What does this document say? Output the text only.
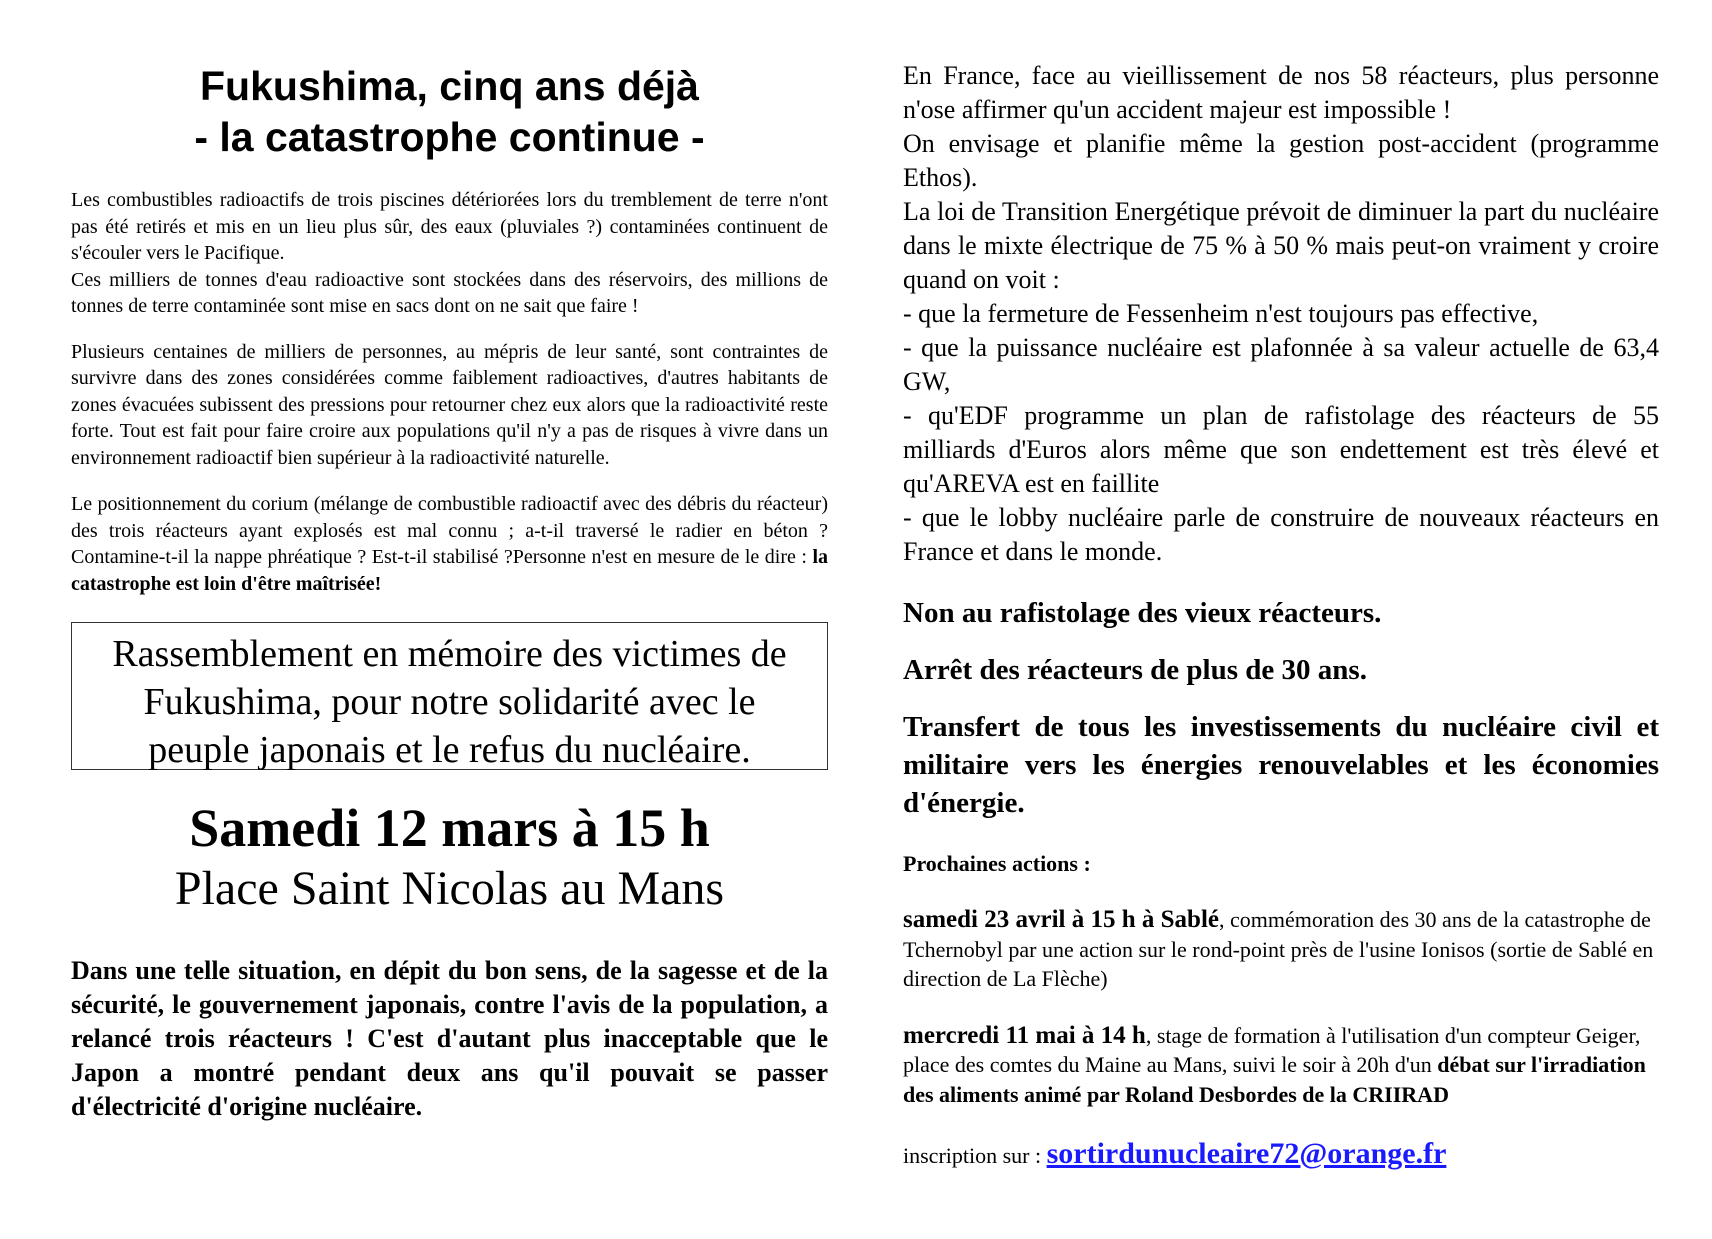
Fukushima, cinq ans déjà
- la catastrophe continue -

Les combustibles radioactifs de trois piscines détériorées lors du tremblement de terre n'ont pas été retirés et mis en un lieu plus sûr, des eaux (pluviales ?) contaminées continuent de s'écouler vers le Pacifique.
Ces milliers de tonnes d'eau radioactive sont stockées dans des réservoirs, des millions de tonnes de terre contaminée sont mise en sacs dont on ne sait que faire !

Plusieurs centaines de milliers de personnes, au mépris de leur santé, sont contraintes de survivre dans des zones considérées comme faiblement radioactives, d'autres habitants de zones évacuées subissent des pressions pour retourner chez eux alors que la radioactivité reste forte. Tout est fait pour faire croire aux populations qu'il n'y a pas de risques à vivre dans un environnement radioactif bien supérieur à la radioactivité naturelle.

Le positionnement du corium (mélange de combustible radioactif avec des débris du réacteur) des trois réacteurs ayant explosés est mal connu ; a-t-il traversé le radier en béton ? Contamine-t-il la nappe phréatique ? Est-t-il stabilisé ?Personne n'est en mesure de le dire : la catastrophe est loin d'être maîtrisée!

Rassemblement en mémoire des victimes de
Fukushima, pour notre solidarité avec le
peuple japonais et le refus du nucléaire.
Samedi 12 mars à 15 h
Place Saint Nicolas au Mans

Dans une telle situation, en dépit du bon sens, de la sagesse et de la sécurité, le gouvernement japonais, contre l'avis de la population, a relancé trois réacteurs ! C'est d'autant plus inacceptable que le Japon a montré pendant deux ans qu'il pouvait se passer d'électricité d'origine nucléaire.

En France, face au vieillissement de nos 58 réacteurs, plus personne n'ose affirmer qu'un accident majeur est impossible !
On envisage et planifie même la gestion post-accident (programme Ethos).
La loi de Transition Energétique prévoit de diminuer la part du nucléaire dans le mixte électrique de 75 % à 50 % mais peut-on vraiment y croire quand on voit :
- que la fermeture de Fessenheim n'est toujours pas effective,
- que la puissance nucléaire est plafonnée à sa valeur actuelle de 63,4 GW,
- qu'EDF programme un plan de rafistolage des réacteurs de 55 milliards d'Euros alors même que son endettement est très élevé et qu'AREVA est en faillite
- que le lobby nucléaire parle de construire de nouveaux réacteurs en France et dans le monde.

Non au rafistolage des vieux réacteurs.

Arrêt des réacteurs de plus de 30 ans.

Transfert de tous les investissements du nucléaire civil et militaire vers les énergies renouvelables et les économies d'énergie.

Prochaines actions :
samedi 23 avril à 15 h à Sablé, commémoration des 30 ans de la catastrophe de Tchernobyl par une action sur le rond-point près de l'usine Ionisos (sortie de Sablé en direction de La Flèche)
mercredi 11 mai à 14 h, stage de formation à l'utilisation d'un compteur Geiger, place des comtes du Maine au Mans, suivi le soir à 20h d'un débat sur l'irradiation des aliments animé par Roland Desbordes de la CRIIRAD
inscription sur : sortirdunucleaire72@orange.fr
